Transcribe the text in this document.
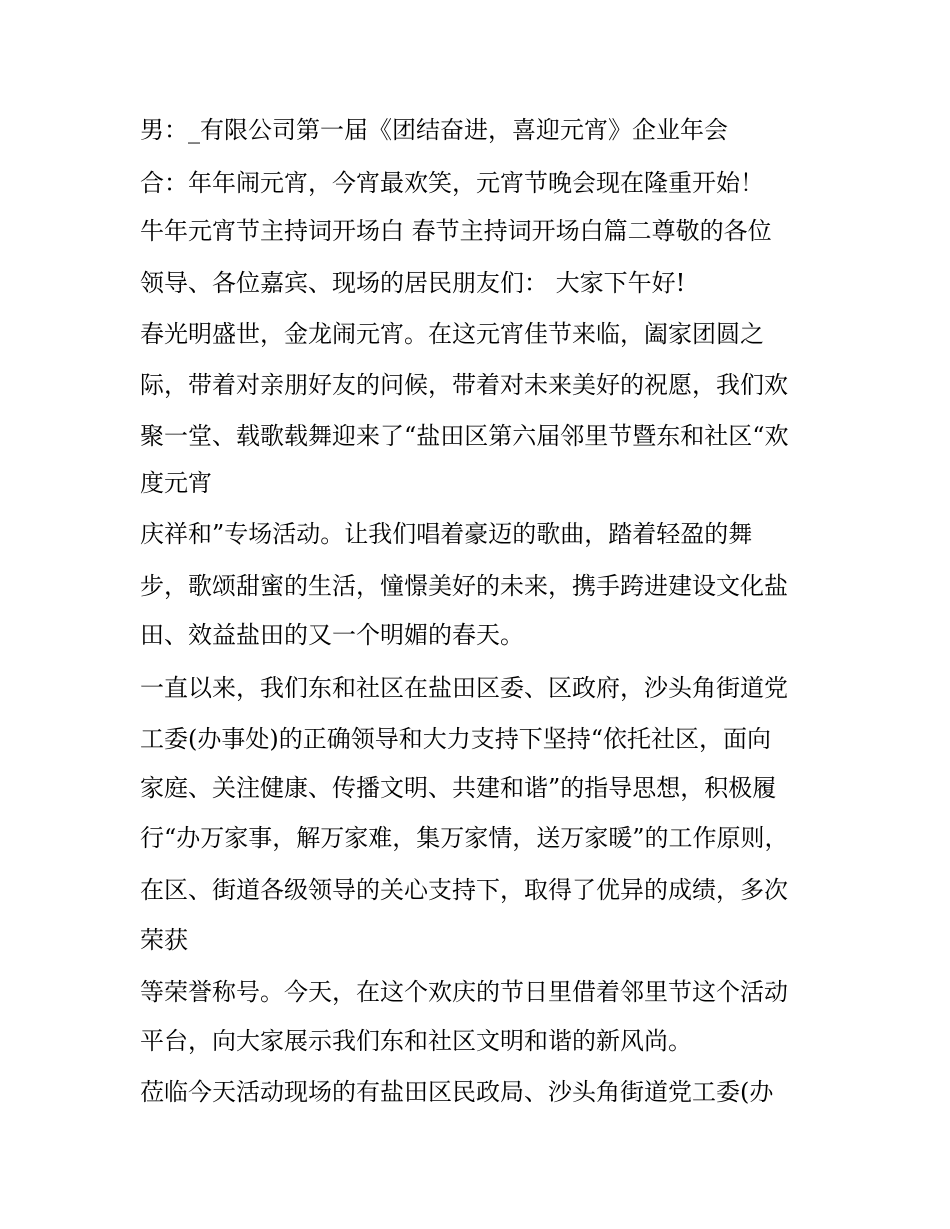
男：_有限公司第一届《团结奋进，喜迎元宵》企业年会
合：年年闹元宵，今宵最欢笑，元宵节晚会现在隆重开始！
牛年元宵节主持词开场白 春节主持词开场白篇二尊敬的各位
领导、各位嘉宾、现场的居民朋友们： 大家下午好!
春光明盛世，金龙闹元宵。在这元宵佳节来临，阖家团圆之
际，带着对亲朋好友的问候，带着对未来美好的祝愿，我们欢
聚一堂、载歌载舞迎来了“盐田区第六届邻里节暨东和社区“欢
度元宵
庆祥和”专场活动。让我们唱着豪迈的歌曲，踏着轻盈的舞
步，歌颂甜蜜的生活，憧憬美好的未来，携手跨进建设文化盐
田、效益盐田的又一个明媚的春天。
一直以来，我们东和社区在盐田区委、区政府，沙头角街道党
工委(办事处)的正确领导和大力支持下坚持“依托社区，面向
家庭、关注健康、传播文明、共建和谐”的指导思想，积极履
行“办万家事，解万家难，集万家情，送万家暖”的工作原则，
在区、街道各级领导的关心支持下，取得了优异的成绩，多次
荣获
等荣誉称号。今天，在这个欢庆的节日里借着邻里节这个活动
平台，向大家展示我们东和社区文明和谐的新风尚。
莅临今天活动现场的有盐田区民政局、沙头角街道党工委(办
